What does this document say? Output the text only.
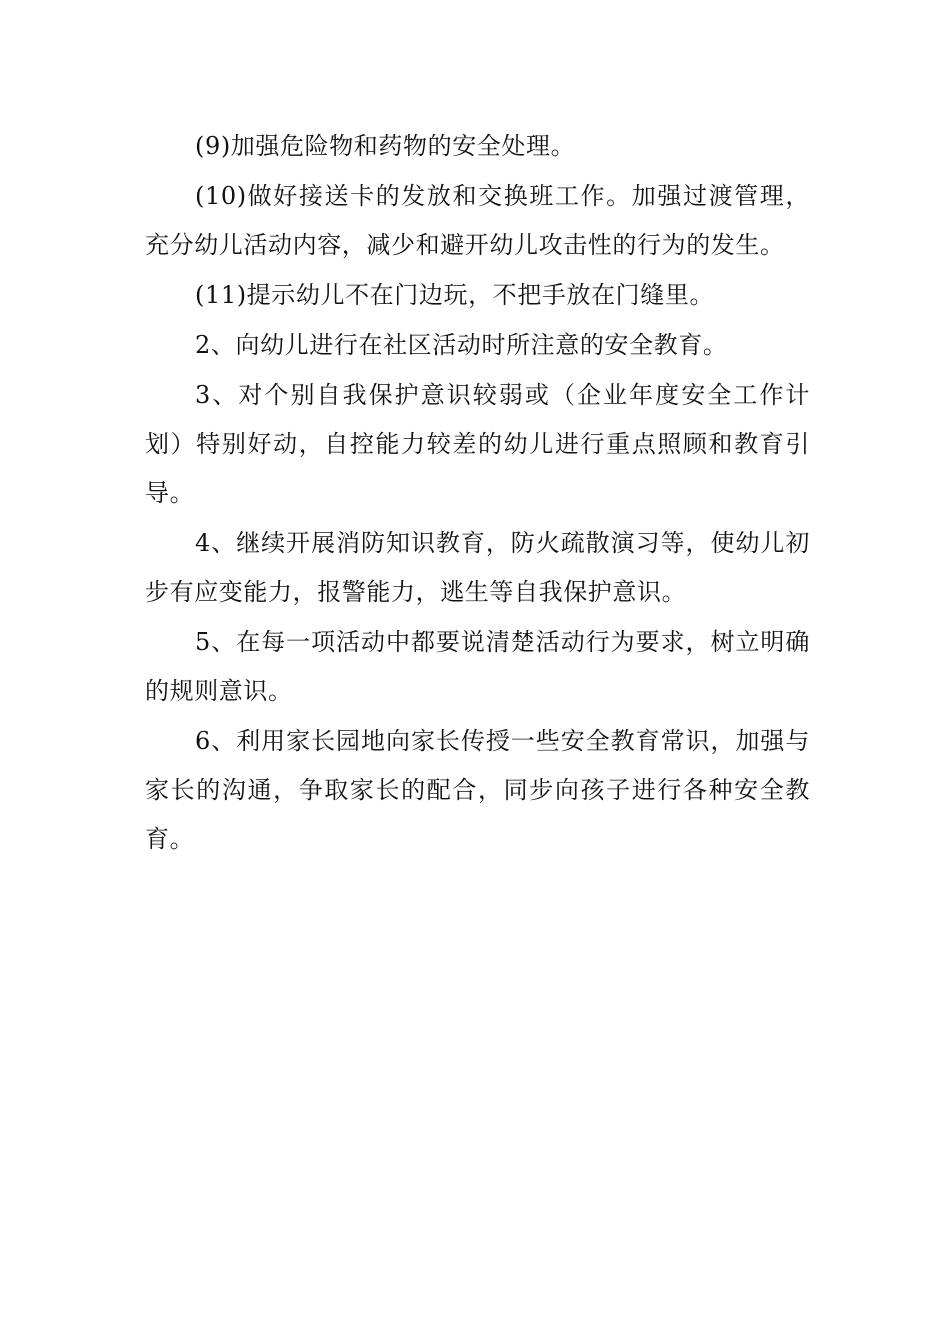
(9)加强危险物和药物的安全处理。

(10)做好接送卡的发放和交换班工作。加强过渡管理，充分幼儿活动内容，减少和避开幼儿攻击性的行为的发生。

(11)提示幼儿不在门边玩，不把手放在门缝里。

2、向幼儿进行在社区活动时所注意的安全教育。

3、对个别自我保护意识较弱或（企业年度安全工作计划）特别好动，自控能力较差的幼儿进行重点照顾和教育引导。

4、继续开展消防知识教育，防火疏散演习等，使幼儿初步有应变能力，报警能力，逃生等自我保护意识。

5、在每一项活动中都要说清楚活动行为要求，树立明确的规则意识。

6、利用家长园地向家长传授一些安全教育常识，加强与家长的沟通，争取家长的配合，同步向孩子进行各种安全教育。
